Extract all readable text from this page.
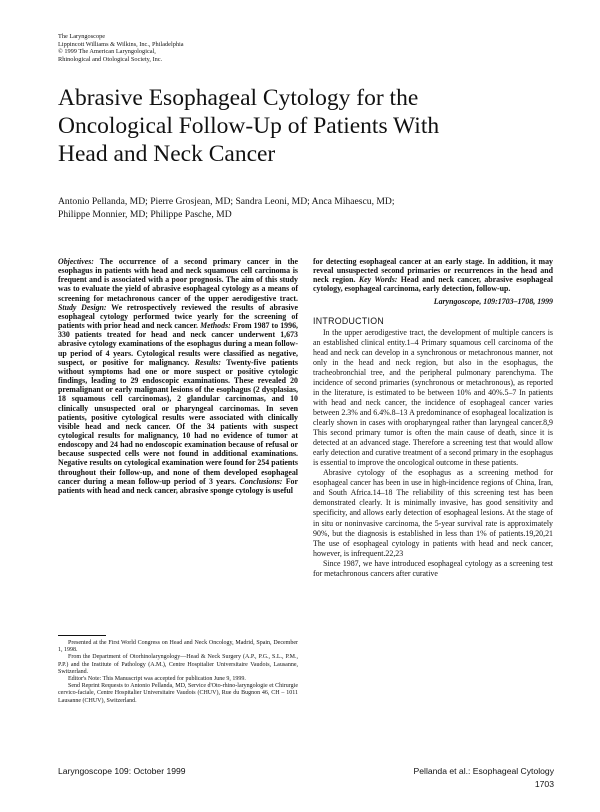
The Laryngoscope
Lippincott Williams & Wilkins, Inc., Philadelphia
© 1999 The American Laryngological,
Rhinological and Otological Society, Inc.
Abrasive Esophageal Cytology for the
Oncological Follow-Up of Patients With
Head and Neck Cancer
Antonio Pellanda, MD; Pierre Grosjean, MD; Sandra Leoni, MD; Anca Mihaescu, MD;
Philippe Monnier, MD; Philippe Pasche, MD

Objectives: The occurrence of a second primary cancer in the esophagus in patients with head and neck squamous cell carcinoma is frequent and is associated with a poor prognosis. The aim of this study was to evaluate the yield of abrasive esophageal cytology as a means of screening for metachronous cancer of the upper aerodigestive tract. Study Design: We retrospectively reviewed the results of abrasive esophageal cytology performed twice yearly for the screening of patients with prior head and neck cancer. Methods: From 1987 to 1996, 330 patients treated for head and neck cancer underwent 1,673 abrasive cytology examinations of the esophagus during a mean follow-up period of 4 years. Cytological results were classified as negative, suspect, or positive for malignancy. Results: Twenty-five patients without symptoms had one or more suspect or positive cytologic findings, leading to 29 endoscopic examinations. These revealed 20 premalignant or early malignant lesions of the esophagus (2 dysplasias, 18 squamous cell carcinomas), 2 glandular carcinomas, and 10 clinically unsuspected oral or pharyngeal carcinomas. In seven patients, positive cytological results were associated with clinically visible head and neck cancer. Of the 34 patients with suspect cytological results for malignancy, 10 had no evidence of tumor at endoscopy and 24 had no endoscopic examination because of refusal or because suspected cells were not found in additional examinations. Negative results on cytological examination were found for 254 patients throughout their follow-up, and none of them developed esophageal cancer during a mean follow-up period of 3 years. Conclusions: For patients with head and neck cancer, abrasive sponge cytology is useful

Presented at the First World Congress on Head and Neck Oncology, Madrid, Spain, December 1, 1998.

From the Department of Otorhinolaryngology—Head & Neck Surgery (A.P., P.G., S.L., P.M., P.P.) and the Institute of Pathology (A.M.), Centre Hospitalier Universitaire Vaudois, Lausanne, Switzerland.

Editor's Note: This Manuscript was accepted for publication June 9, 1999.

Send Reprint Requests to Antonio Pellanda, MD, Service d'Oto-rhino-laryngologie et Chirurgie cervico-faciale, Centre Hospitalier Universitaire Vaudois (CHUV), Rue du Bugnon 46, CH – 1011 Lausanne (CHUV), Switzerland.

for detecting esophageal cancer at an early stage. In addition, it may reveal unsuspected second primaries or recurrences in the head and neck region. Key Words: Head and neck cancer, abrasive esophageal cytology, esophageal carcinoma, early detection, follow-up.

Laryngoscope, 109:1703–1708, 1999

INTRODUCTION

In the upper aerodigestive tract, the development of multiple cancers is an established clinical entity.1–4 Primary squamous cell carcinoma of the head and neck can develop in a synchronous or metachronous manner, not only in the head and neck region, but also in the esophagus, the tracheobronchial tree, and the peripheral pulmonary parenchyma. The incidence of second primaries (synchronous or metachronous), as reported in the literature, is estimated to be between 10% and 40%.5–7 In patients with head and neck cancer, the incidence of esophageal cancer varies between 2.3% and 6.4%.8–13 A predominance of esophageal localization is clearly shown in cases with oropharyngeal rather than laryngeal cancer.8,9 This second primary tumor is often the main cause of death, since it is detected at an advanced stage. Therefore a screening test that would allow early detection and curative treatment of a second primary in the esophagus is essential to improve the oncological outcome in these patients.

Abrasive cytology of the esophagus as a screening method for esophageal cancer has been in use in high-incidence regions of China, Iran, and South Africa.14–18 The reliability of this screening test has been demonstrated clearly. It is minimally invasive, has good sensitivity and specificity, and allows early detection of esophageal lesions. At the stage of in situ or noninvasive carcinoma, the 5-year survival rate is approximately 90%, but the diagnosis is established in less than 1% of patients.19,20,21 The use of esophageal cytology in patients with head and neck cancer, however, is infrequent.22,23

Since 1987, we have introduced esophageal cytology as a screening test for metachronous cancers after curative

Laryngoscope 109: October 1999	Pellanda et al.: Esophageal Cytology
1703
